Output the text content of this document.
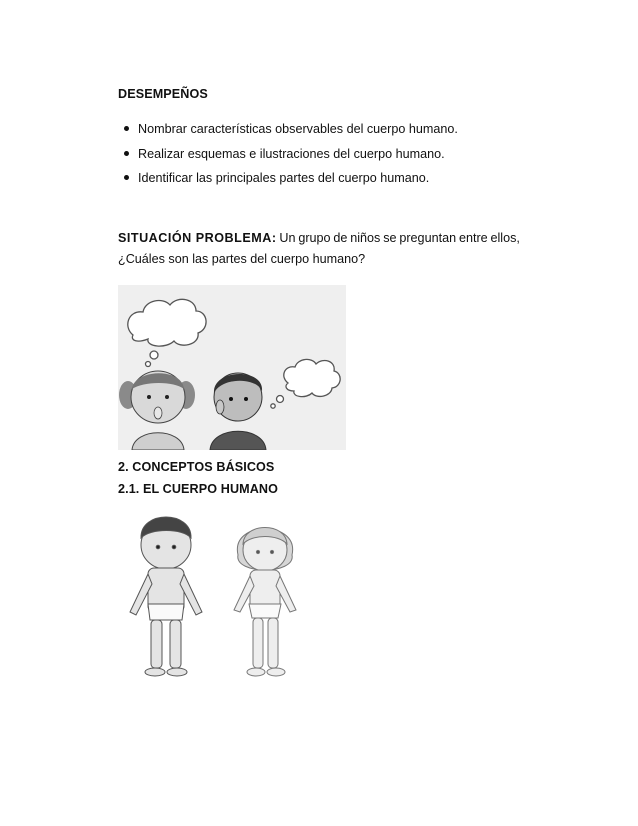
DESEMPEÑOS
Nombrar características observables del cuerpo humano.
Realizar esquemas e ilustraciones del cuerpo humano.
Identificar las principales partes del cuerpo humano.
SITUACIÓN PROBLEMA: Un grupo de niños se preguntan entre ellos,
¿Cuáles son las partes del cuerpo humano?
2. CONCEPTOS BÁSICOS
2.1. EL CUERPO HUMANO
